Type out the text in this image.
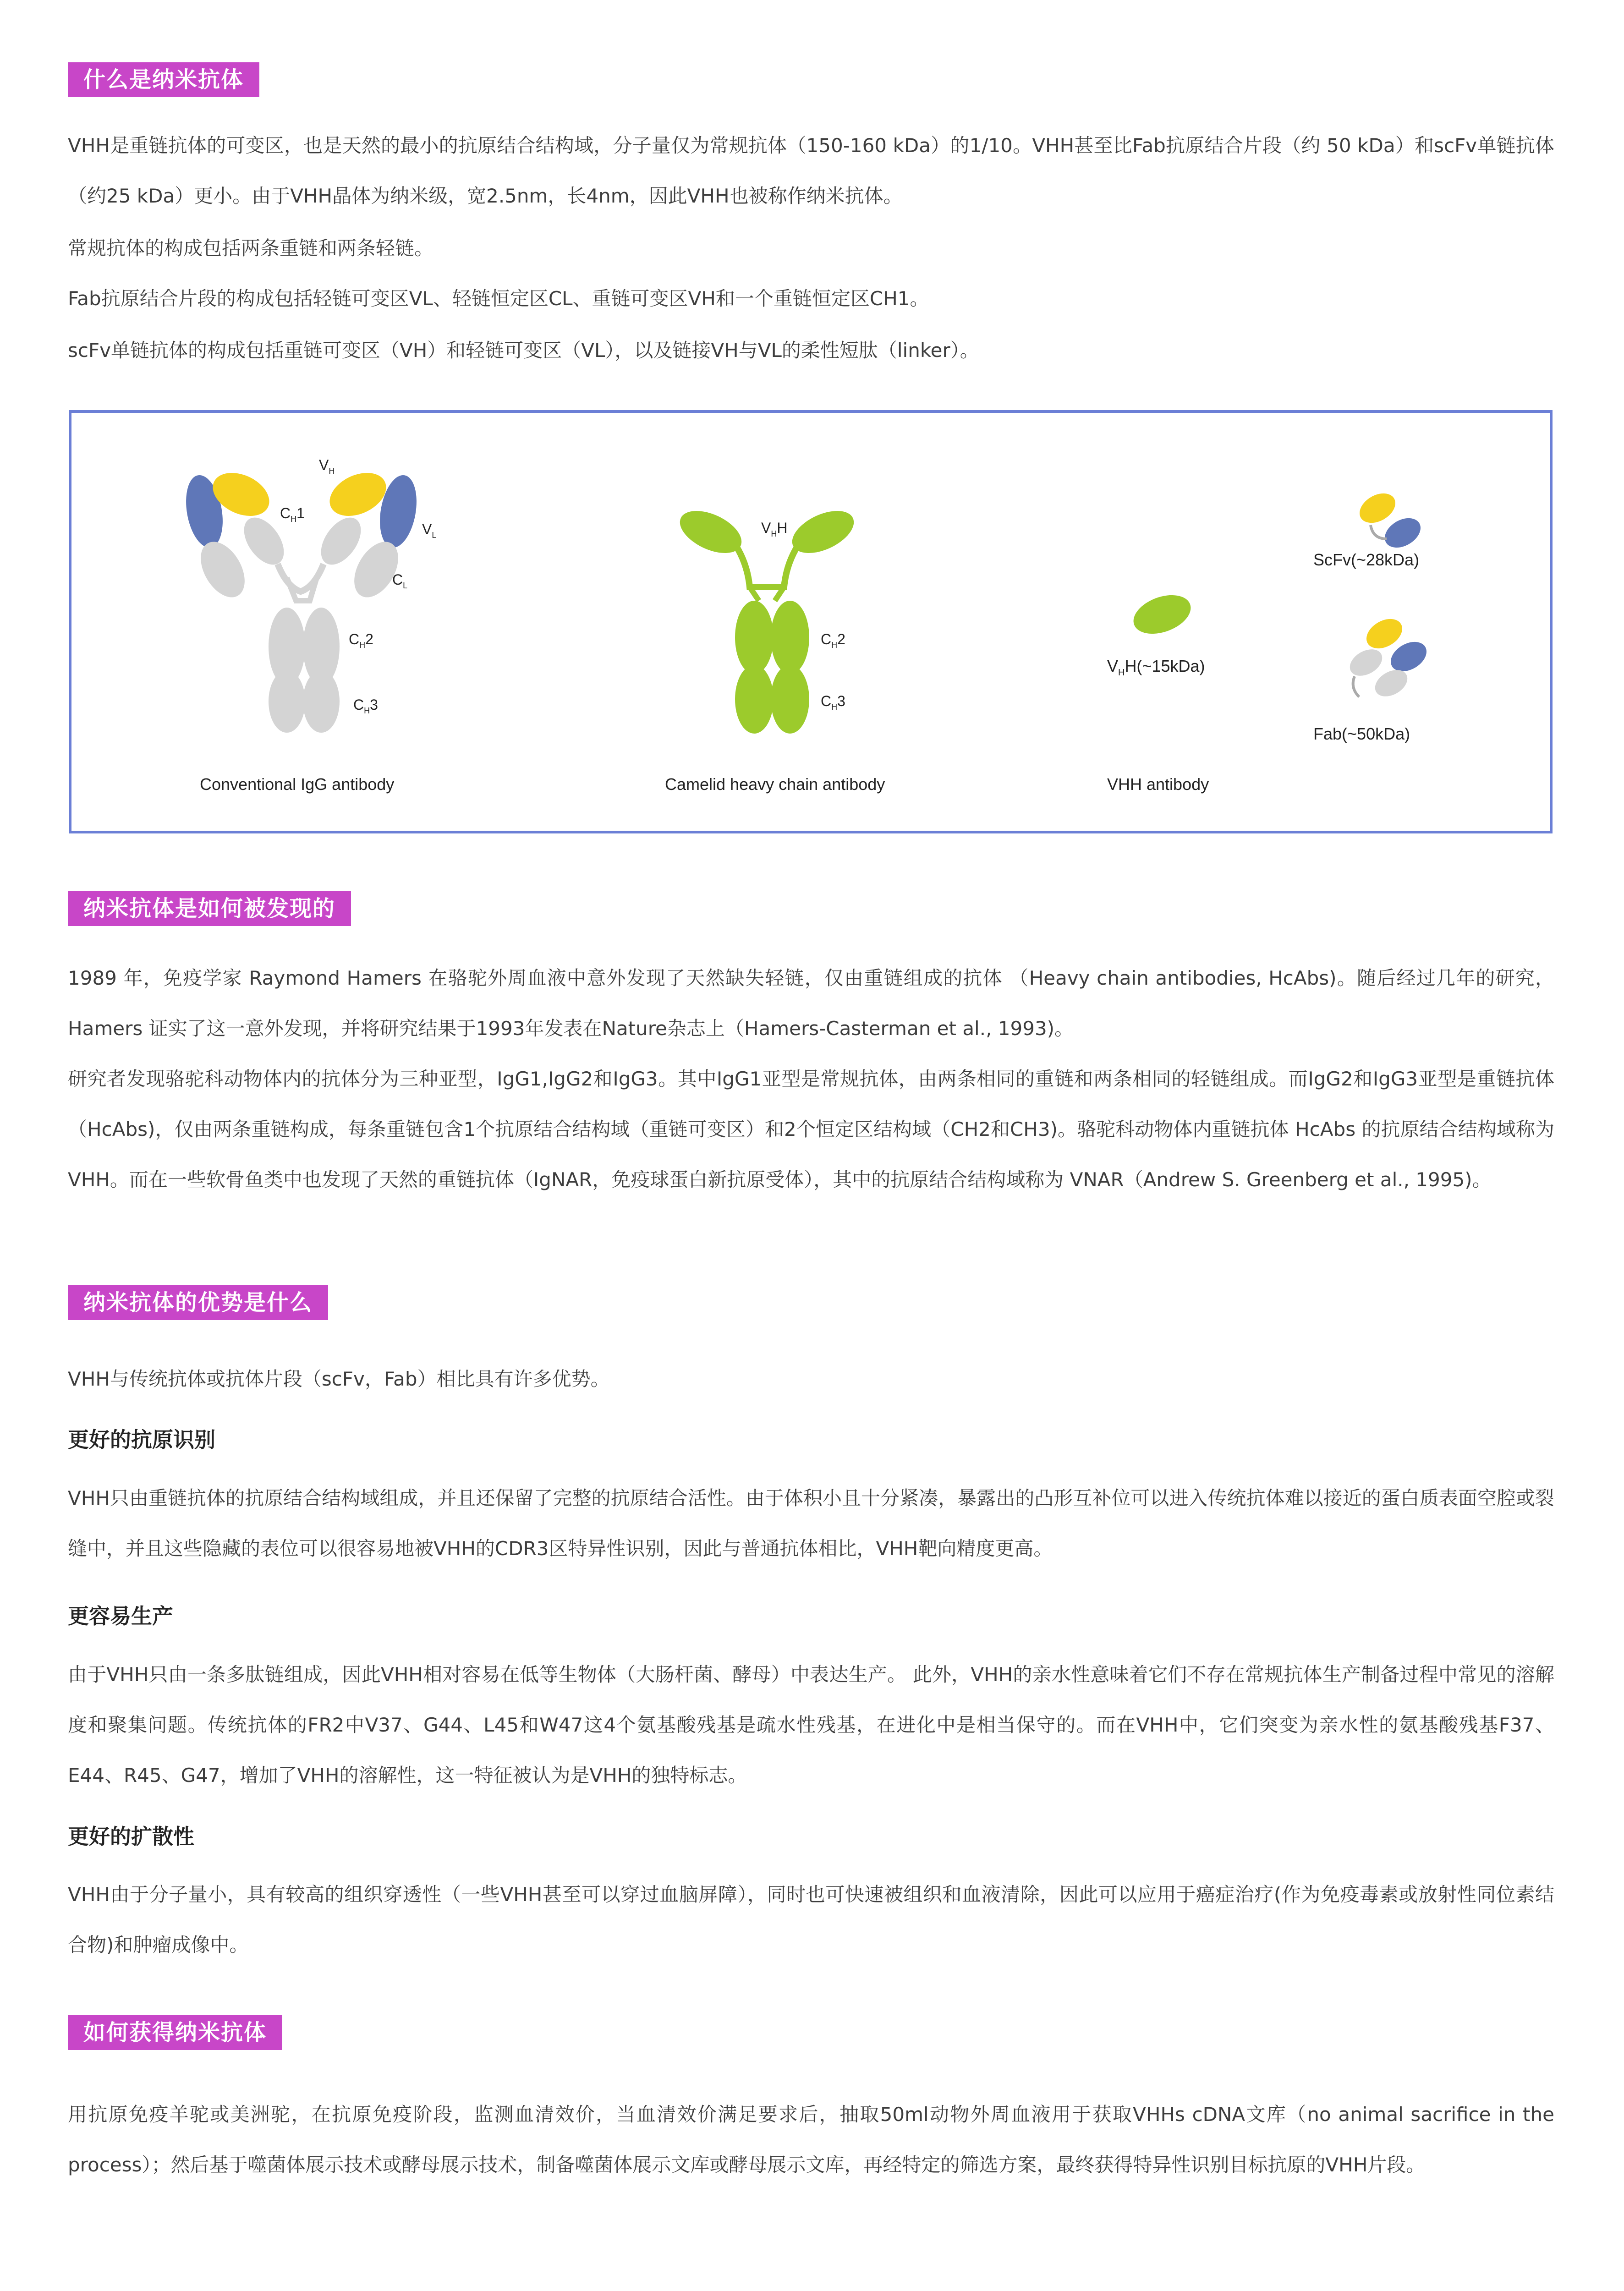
什么是纳米抗体

VHH是重链抗体的可变区，也是天然的最小的抗原结合结构域，分子量仅为常规抗体（150-160 kDa）的1/10。VHH甚至比Fab抗原结合片段（约 50 kDa）和scFv单链抗体（约25 kDa）更小。由于VHH晶体为纳米级，宽2.5nm，长4nm，因此VHH也被称作纳米抗体。

常规抗体的构成包括两条重链和两条轻链。

Fab抗原结合片段的构成包括轻链可变区VL、轻链恒定区CL、重链可变区VH和一个重链恒定区CH1。

scFv单链抗体的构成包括重链可变区（VH）和轻链可变区（VL），以及链接VH与VL的柔性短肽（linker）。

$V_H$
$C_H1$
$V_L$
$C_L$
$C_H2$
$C_H3$
$V_HH$
$C_H2$
$C_H3$
$V_HH(\sim 15kDa)$
Conventional IgG antibody	Camelid heavy chain antibody	VHH antibody
ScFv(~28kDa)
Fab(~50kDa)
纳米抗体是如何被发现的

1989 年，免疫学家 Raymond Hamers 在骆驼外周血液中意外发现了天然缺失轻链，仅由重链组成的抗体 （Heavy chain antibodies, HcAbs)。随后经过几年的研究，Hamers 证实了这一意外发现，并将研究结果于1993年发表在Nature杂志上（Hamers-Casterman et al., 1993)。

研究者发现骆驼科动物体内的抗体分为三种亚型，IgG1,IgG2和IgG3。其中IgG1亚型是常规抗体，由两条相同的重链和两条相同的轻链组成。而IgG2和IgG3亚型是重链抗体（HcAbs)，仅由两条重链构成，每条重链包含1个抗原结合结构域（重链可变区）和2个恒定区结构域（CH2和CH3)。骆驼科动物体内重链抗体 HcAbs 的抗原结合结构域称为 VHH。而在一些软骨鱼类中也发现了天然的重链抗体（IgNAR，免疫球蛋白新抗原受体），其中的抗原结合结构域称为 VNAR（Andrew S. Greenberg et al., 1995)。

纳米抗体的优势是什么

VHH与传统抗体或抗体片段（scFv，Fab）相比具有许多优势。

更好的抗原识别

VHH只由重链抗体的抗原结合结构域组成，并且还保留了完整的抗原结合活性。由于体积小且十分紧凑，暴露出的凸形互补位可以进入传统抗体难以接近的蛋白质表面空腔或裂缝中，并且这些隐藏的表位可以很容易地被VHH的CDR3区特异性识别，因此与普通抗体相比，VHH靶向精度更高。

更容易生产

由于VHH只由一条多肽链组成，因此VHH相对容易在低等生物体（大肠杆菌、酵母）中表达生产。 此外，VHH的亲水性意味着它们不存在常规抗体生产制备过程中常见的溶解度和聚集问题。传统抗体的FR2中V37、G44、L45和W47这4个氨基酸残基是疏水性残基，在进化中是相当保守的。而在VHH中，它们突变为亲水性的氨基酸残基F37、E44、R45、G47，增加了VHH的溶解性，这一特征被认为是VHH的独特标志。

更好的扩散性

VHH由于分子量小，具有较高的组织穿透性（一些VHH甚至可以穿过血脑屏障），同时也可快速被组织和血液清除，因此可以应用于癌症治疗(作为免疫毒素或放射性同位素结合物)和肿瘤成像中。

如何获得纳米抗体

用抗原免疫羊驼或美洲驼，在抗原免疫阶段，监测血清效价，当血清效价满足要求后，抽取50ml动物外周血液用于获取VHHs cDNA文库（no animal sacrifice in the process）；然后基于噬菌体展示技术或酵母展示技术，制备噬菌体展示文库或酵母展示文库，再经特定的筛选方案，最终获得特异性识别目标抗原的VHH片段。
